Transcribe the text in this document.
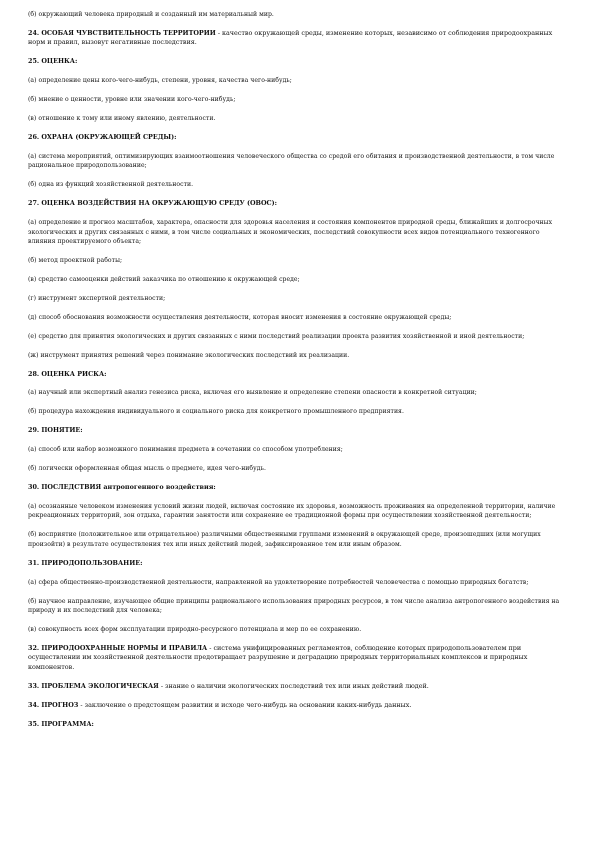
(б) окружающий человека природный и созданный им материальный мир.
24. ОСОБАЯ ЧУВСТВИТЕЛЬНОСТЬ ТЕРРИТОРИИ - качество окружающей среды, изменение которых, независимо от соблюдения природоохранных норм и правил, вызовут негативные последствия.
25. ОЦЕНКА:
(а) определение цены кого-чего-нибудь, степени, уровня, качества чего-нибудь;
(б) мнение о ценности, уровне или значении кого-чего-нибудь;
(в) отношение к тому или иному явлению, деятельности.
26. ОХРАНА (ОКРУЖАЮЩЕЙ СРЕДЫ):
(а) система мероприятий, оптимизирующих взаимоотношения человеческого общества со средой его обитания и производственной деятельности, в том числе рациональное природопользование;
(б) одна из функций хозяйственной деятельности.
27. ОЦЕНКА ВОЗДЕЙСТВИЯ НА ОКРУЖАЮЩУЮ СРЕДУ (ОВОС):
(а) определение и прогноз масштабов, характера, опасности для здоровья населения и состояния компонентов природной среды, ближайших и долгосрочных экологических и других связанных с ними, в том числе социальных и экономических, последствий совокупности всех видов потенциального техногенного влияния проектируемого объекта;
(б) метод проектной работы;
(в) средство самооценки действий заказчика по отношению к окружающей среде;
(г) инструмент экспертной деятельности;
(д) способ обоснования возможности осуществления деятельности, которая вносит изменения в состояние окружающей среды;
(е) средство для принятия экологических и других связанных с ними последствий реализации проекта развития хозяйственной и иной деятельности;
(ж) инструмент принятия решений через понимание экологических последствий их реализации.
28. ОЦЕНКА РИСКА:
(а) научный или экспертный анализ генезиса риска, включая его выявление и определение степени опасности в конкретной ситуации;
(б) процедура нахождения индивидуального и социального риска для конкретного промышленного предприятия.
29. ПОНЯТИЕ:
(а) способ или набор возможного понимания предмета в сочетании со способом употребления;
(б) логически оформленная общая мысль о предмете, идея чего-нибудь.
30. ПОСЛЕДСТВИЯ антропогенного воздействия:
(а) осознанные человеком изменения условий жизни людей, включая состояние их здоровья, возможность проживания на определенной территории, наличие рекреационных территорий, зон отдыха, гарантии занятости или сохранение ее традиционной формы при осуществлении хозяйственной деятельности;
(б) восприятие (положительное или отрицательное) различными общественными группами изменений в окружающей среде, произошедших (или могущих произойти) в результате осуществления тех или иных действий людей, зафиксированное тем или иным образом.
31. ПРИРОДОПОЛЬЗОВАНИЕ:
(а) сфера общественно-производственной деятельности, направленной на удовлетворение потребностей человечества с помощью природных богатств;
(б) научное направление, изучающее общие принципы рационального использования природных ресурсов, в том числе анализа антропогенного воздействия на природу и их последствий для человека;
(в) совокупность всех форм эксплуатации природно-ресурсного потенциала и мер по ее сохранению.
32. ПРИРОДООХРАННЫЕ НОРМЫ И ПРАВИЛА - система унифицированных регламентов, соблюдение которых природопользователем при осуществлении им хозяйственной деятельности предотвращает разрушение и деградацию природных территориальных комплексов и природных компонентов.
33. ПРОБЛЕМА ЭКОЛОГИЧЕСКАЯ - знание о наличии экологических последствий тех или иных действий людей.
34. ПРОГНОЗ - заключение о предстоящем развитии и исходе чего-нибудь на основании каких-нибудь данных.
35. ПРОГРАММА:
